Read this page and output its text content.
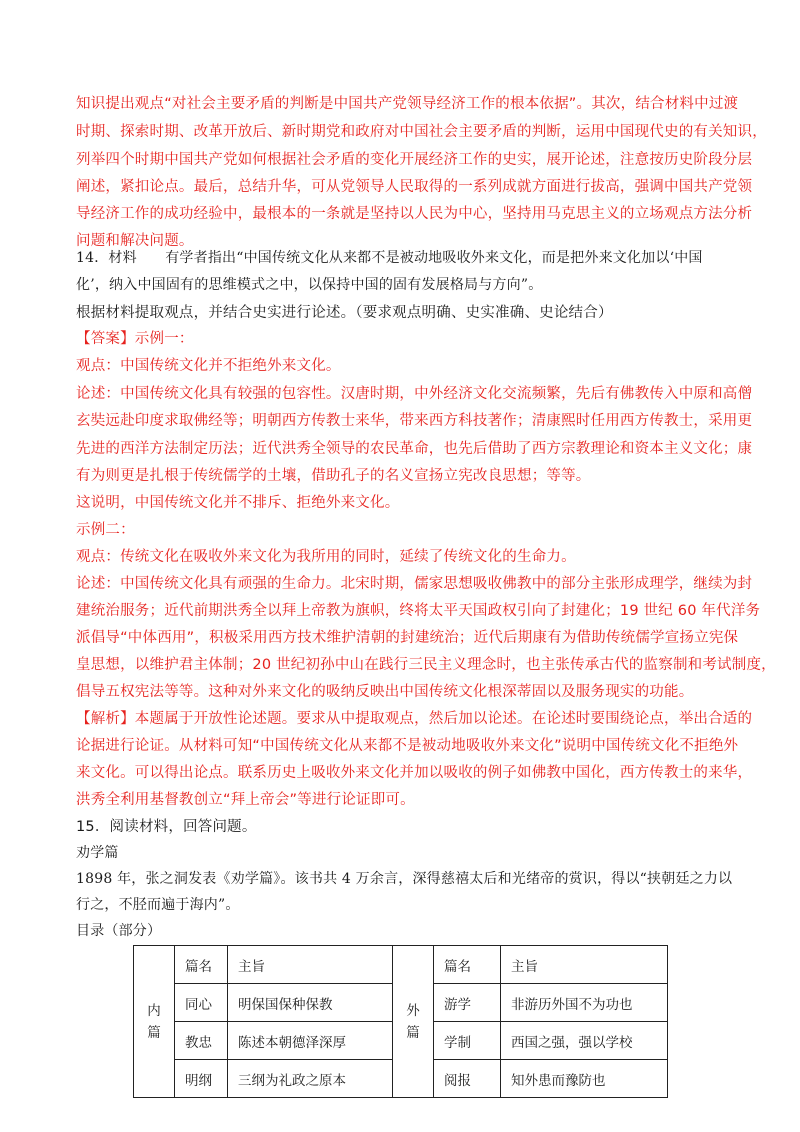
知识提出观点“对社会主要矛盾的判断是中国共产党领导经济工作的根本依据”。其次，结合材料中过渡
时期、探索时期、改革开放后、新时期党和政府对中国社会主要矛盾的判断，运用中国现代史的有关知识，
列举四个时期中国共产党如何根据社会矛盾的变化开展经济工作的史实，展开论述，注意按历史阶段分层
阐述，紧扣论点。最后，总结升华，可从党领导人民取得的一系列成就方面进行拔高，强调中国共产党领
导经济工作的成功经验中，最根本的一条就是坚持以人民为中心，坚持用马克思主义的立场观点方法分析
问题和解决问题。
14．材料　　有学者指出“中国传统文化从来都不是被动地吸收外来文化，而是把外来文化加以‘中国
化’，纳入中国固有的思维模式之中，以保持中国的固有发展格局与方向”。
根据材料提取观点，并结合史实进行论述。（要求观点明确、史实准确、史论结合）
【答案】示例一：
观点：中国传统文化并不拒绝外来文化。
论述：中国传统文化具有较强的包容性。汉唐时期，中外经济文化交流频繁，先后有佛教传入中原和高僧
玄奘远赴印度求取佛经等；明朝西方传教士来华，带来西方科技著作；清康熙时任用西方传教士，采用更
先进的西洋方法制定历法；近代洪秀全领导的农民革命，也先后借助了西方宗教理论和资本主义文化；康
有为则更是扎根于传统儒学的土壤，借助孔子的名义宣扬立宪改良思想；等等。
这说明，中国传统文化并不排斥、拒绝外来文化。
示例二：
观点：传统文化在吸收外来文化为我所用的同时，延续了传统文化的生命力。
论述：中国传统文化具有顽强的生命力。北宋时期，儒家思想吸收佛教中的部分主张形成理学，继续为封
建统治服务；近代前期洪秀全以拜上帝教为旗帜，终将太平天国政权引向了封建化；19 世纪 60 年代洋务
派倡导“中体西用”，积极采用西方技术维护清朝的封建统治；近代后期康有为借助传统儒学宣扬立宪保
皇思想，以维护君主体制；20 世纪初孙中山在践行三民主义理念时，也主张传承古代的监察制和考试制度，
倡导五权宪法等等。这种对外来文化的吸纳反映出中国传统文化根深蒂固以及服务现实的功能。
【解析】本题属于开放性论述题。要求从中提取观点，然后加以论述。在论述时要围绕论点，举出合适的
论据进行论证。从材料可知“中国传统文化从来都不是被动地吸收外来文化”说明中国传统文化不拒绝外
来文化。可以得出论点。联系历史上吸收外来文化并加以吸收的例子如佛教中国化，西方传教士的来华，
洪秀全利用基督教创立“拜上帝会”等进行论证即可。
15．阅读材料，回答问题。
劝学篇
1898 年，张之洞发表《劝学篇》。该书共 4 万余言，深得慈禧太后和光绪帝的赏识，得以“挟朝廷之力以
行之，不胫而遍于海内”。
目录（部分）
内篇	篇名	主旨	外篇	篇名	主旨
	同心	明保国保种保教		游学	非游历外国不为功也
	教忠	陈述本朝德泽深厚		学制	西国之强，强以学校
	明纲	三纲为礼政之原本		阅报	知外患而豫防也
